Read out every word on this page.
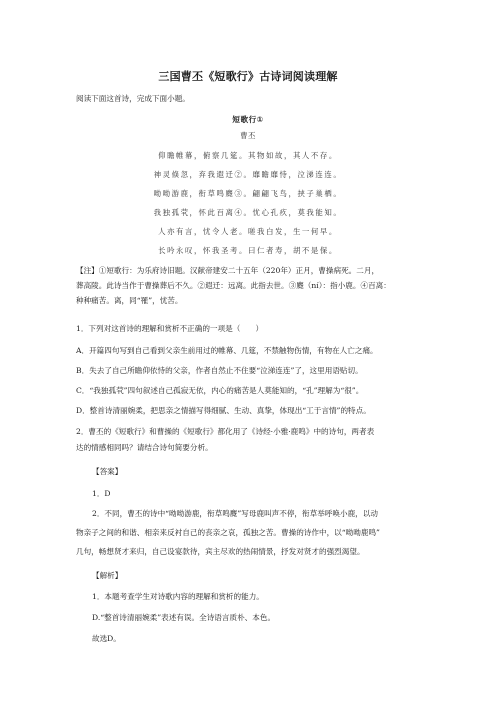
三国曹丕《短歌行》古诗词阅读理解
阅读下面这首诗，完成下面小题。
短歌行①
曹丕
仰瞻帷幕，俯察几筵。其物如故，其人不存。
神灵倏忽，弃我遐迁②。靡瞻靡恃，泣涕连连。
呦呦游鹿，衔草鸣麑③。翩翩飞鸟，挟子巢栖。
我独孤茕，怀此百离④。忧心孔疚，莫我能知。
人亦有言，忧令人老。嗟我白发，生一何早。
长吟永叹，怀我圣考。曰仁者寿，胡不是保。
【注】①短歌行：为乐府诗旧题。汉献帝建安二十五年（220年）正月，曹操病死。二月，
葬高陵。此诗当作于曹操葬后不久。②遐迁：远离。此指去世。③麑（ní）：指小鹿。④百离：
种种痛苦。离，同“罹”，忧苦。
1．下列对这首诗的理解和赏析不正确的一项是（　　）
A．开篇四句写到自己看到父亲生前用过的帷幕、几筵，不禁触物伤情，有物在人亡之痛。
B．失去了自己所瞻仰依恃的父亲，作者自然止不住要“泣涕连连”了，这里用语贴切。
C．“我独孤茕”四句叙述自己孤寂无依，内心的痛苦是人莫能知的，“孔”理解为“很”。
D．整首诗清丽婉柔，把思亲之情描写得细腻、生动、真挚，体现出“工于言情”的特点。
2．曹丕的《短歌行》和曹操的《短歌行》都化用了《诗经·小雅·鹿鸣》中的诗句，两者表
达的情感相同吗？请结合诗句简要分析。
【答案】
1．D
2．不同，曹丕的诗中“呦呦游鹿，衔草鸣麑”写母鹿叫声不停，衔草举呼唤小鹿，以动
物亲子之间的和谐、相亲来反衬自己的丧亲之哀，孤独之苦。曹操的诗作中，以“呦呦鹿鸣”
几句，畅想贤才来归，自己设宴款待，宾主尽欢的热闹情景，抒发对贤才的强烈渴望。
【解析】
1．本题考查学生对诗歌内容的理解和赏析的能力。
D.“整首诗清丽婉柔”表述有误。全诗语言质朴、本色。
故选D。
